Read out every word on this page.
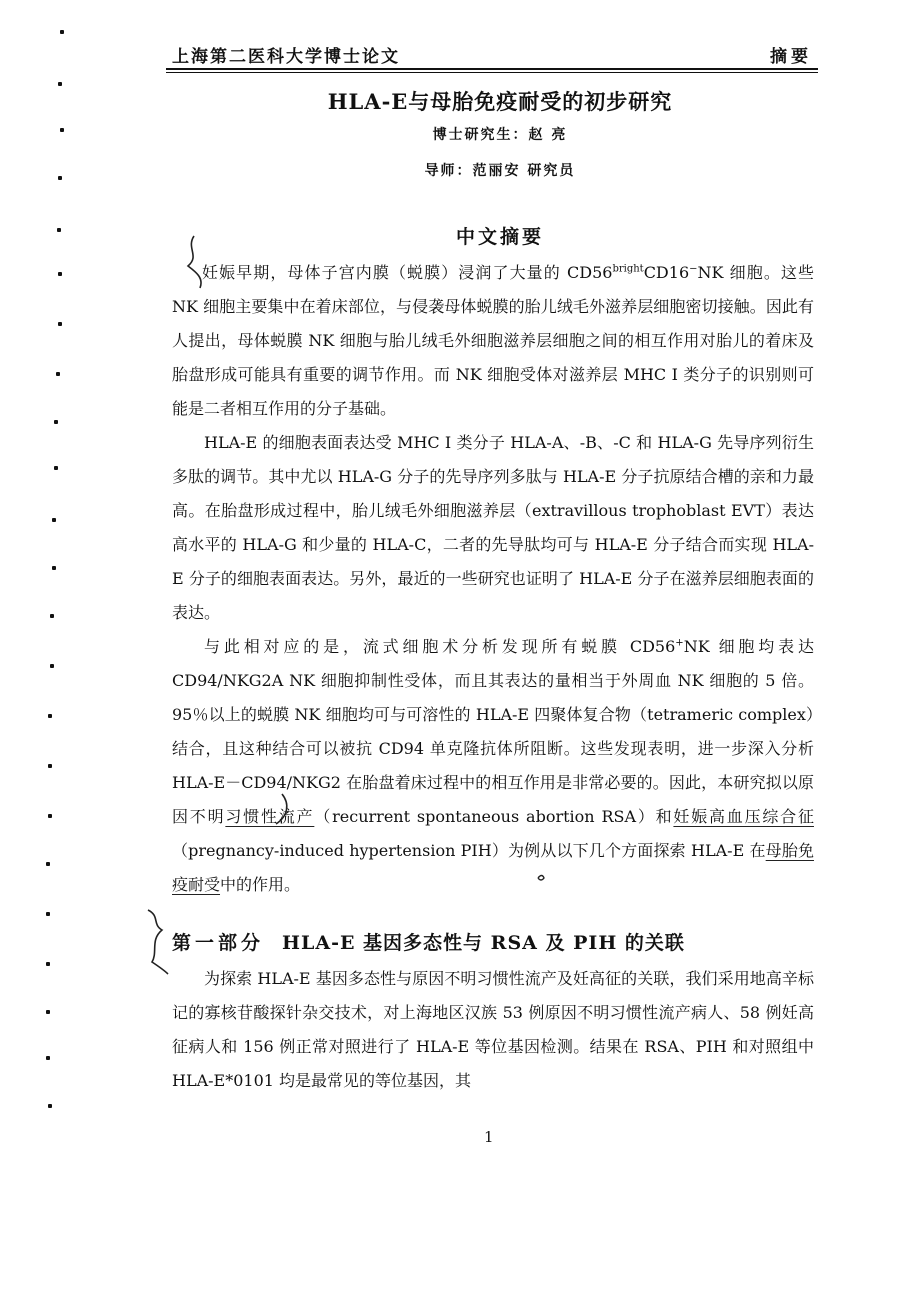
上海第二医科大学博士论文	摘要
HLA-E与母胎免疫耐受的初步研究
博士研究生：赵 亮
导师：范丽安 研究员
中文摘要

妊娠早期，母体子宫内膜（蜕膜）浸润了大量的 $CD56^{bright}CD16^-NK$ 细胞。这些 NK 细胞主要集中在着床部位，与侵袭母体蜕膜的胎儿绒毛外滋养层细胞密切接触。因此有人提出，母体蜕膜 NK 细胞与胎儿绒毛外细胞滋养层细胞之间的相互作用对胎儿的着床及胎盘形成可能具有重要的调节作用。而 NK 细胞受体对滋养层 MHC I 类分子的识别则可能是二者相互作用的分子基础。

HLA-E 的细胞表面表达受 MHC I 类分子 HLA-A、-B、-C 和 HLA-G 先导序列衍生多肽的调节。其中尤以 HLA-G 分子的先导序列多肽与 HLA-E 分子抗原结合槽的亲和力最高。在胎盘形成过程中，胎儿绒毛外细胞滋养层（extravillous trophoblast EVT）表达高水平的 HLA-G 和少量的 HLA-C，二者的先导肽均可与 HLA-E 分子结合而实现 HLA-E 分子的细胞表面表达。另外，最近的一些研究也证明了 HLA-E 分子在滋养层细胞表面的表达。

与此相对应的是，流式细胞术分析发现所有蜕膜 CD56+NK 细胞均表达 CD94/NKG2A NK 细胞抑制性受体，而且其表达的量相当于外周血 NK 细胞的 5 倍。95％以上的蜕膜 NK 细胞均可与可溶性的 HLA-E 四聚体复合物（tetrameric complex）结合，且这种结合可以被抗 CD94 单克隆抗体所阻断。这些发现表明，进一步深入分析 HLA-E－CD94/NKG2 在胎盘着床过程中的相互作用是非常必要的。因此，本研究拟以原因不明习惯性流产（recurrent spontaneous abortion RSA）和妊娠高血压综合征（pregnancy-induced hypertension PIH）为例从以下几个方面探索 HLA-E 在母胎免疫耐受中的作用。

第一部分 HLA-E 基因多态性与 RSA 及 PIH 的关联

为探索 HLA-E 基因多态性与原因不明习惯性流产及妊高征的关联，我们采用地高辛标记的寡核苷酸探针杂交技术，对上海地区汉族 53 例原因不明习惯性流产病人、58 例妊高征病人和 156 例正常对照进行了 HLA-E 等位基因检测。结果在 RSA、PIH 和对照组中 HLA-E*0101 均是最常见的等位基因，其

1
